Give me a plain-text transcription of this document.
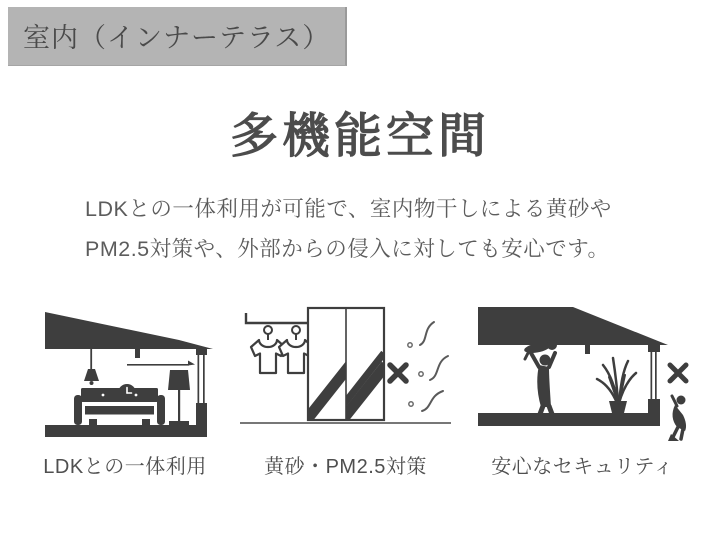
室内（インナーテラス）
多機能空間
LDKとの一体利用が可能で、室内物干しによる黄砂や
PM2.5対策や、外部からの侵入に対しても安心です。
LDKとの一体利用	黄砂・PM2.5対策	安心なセキュリティ
